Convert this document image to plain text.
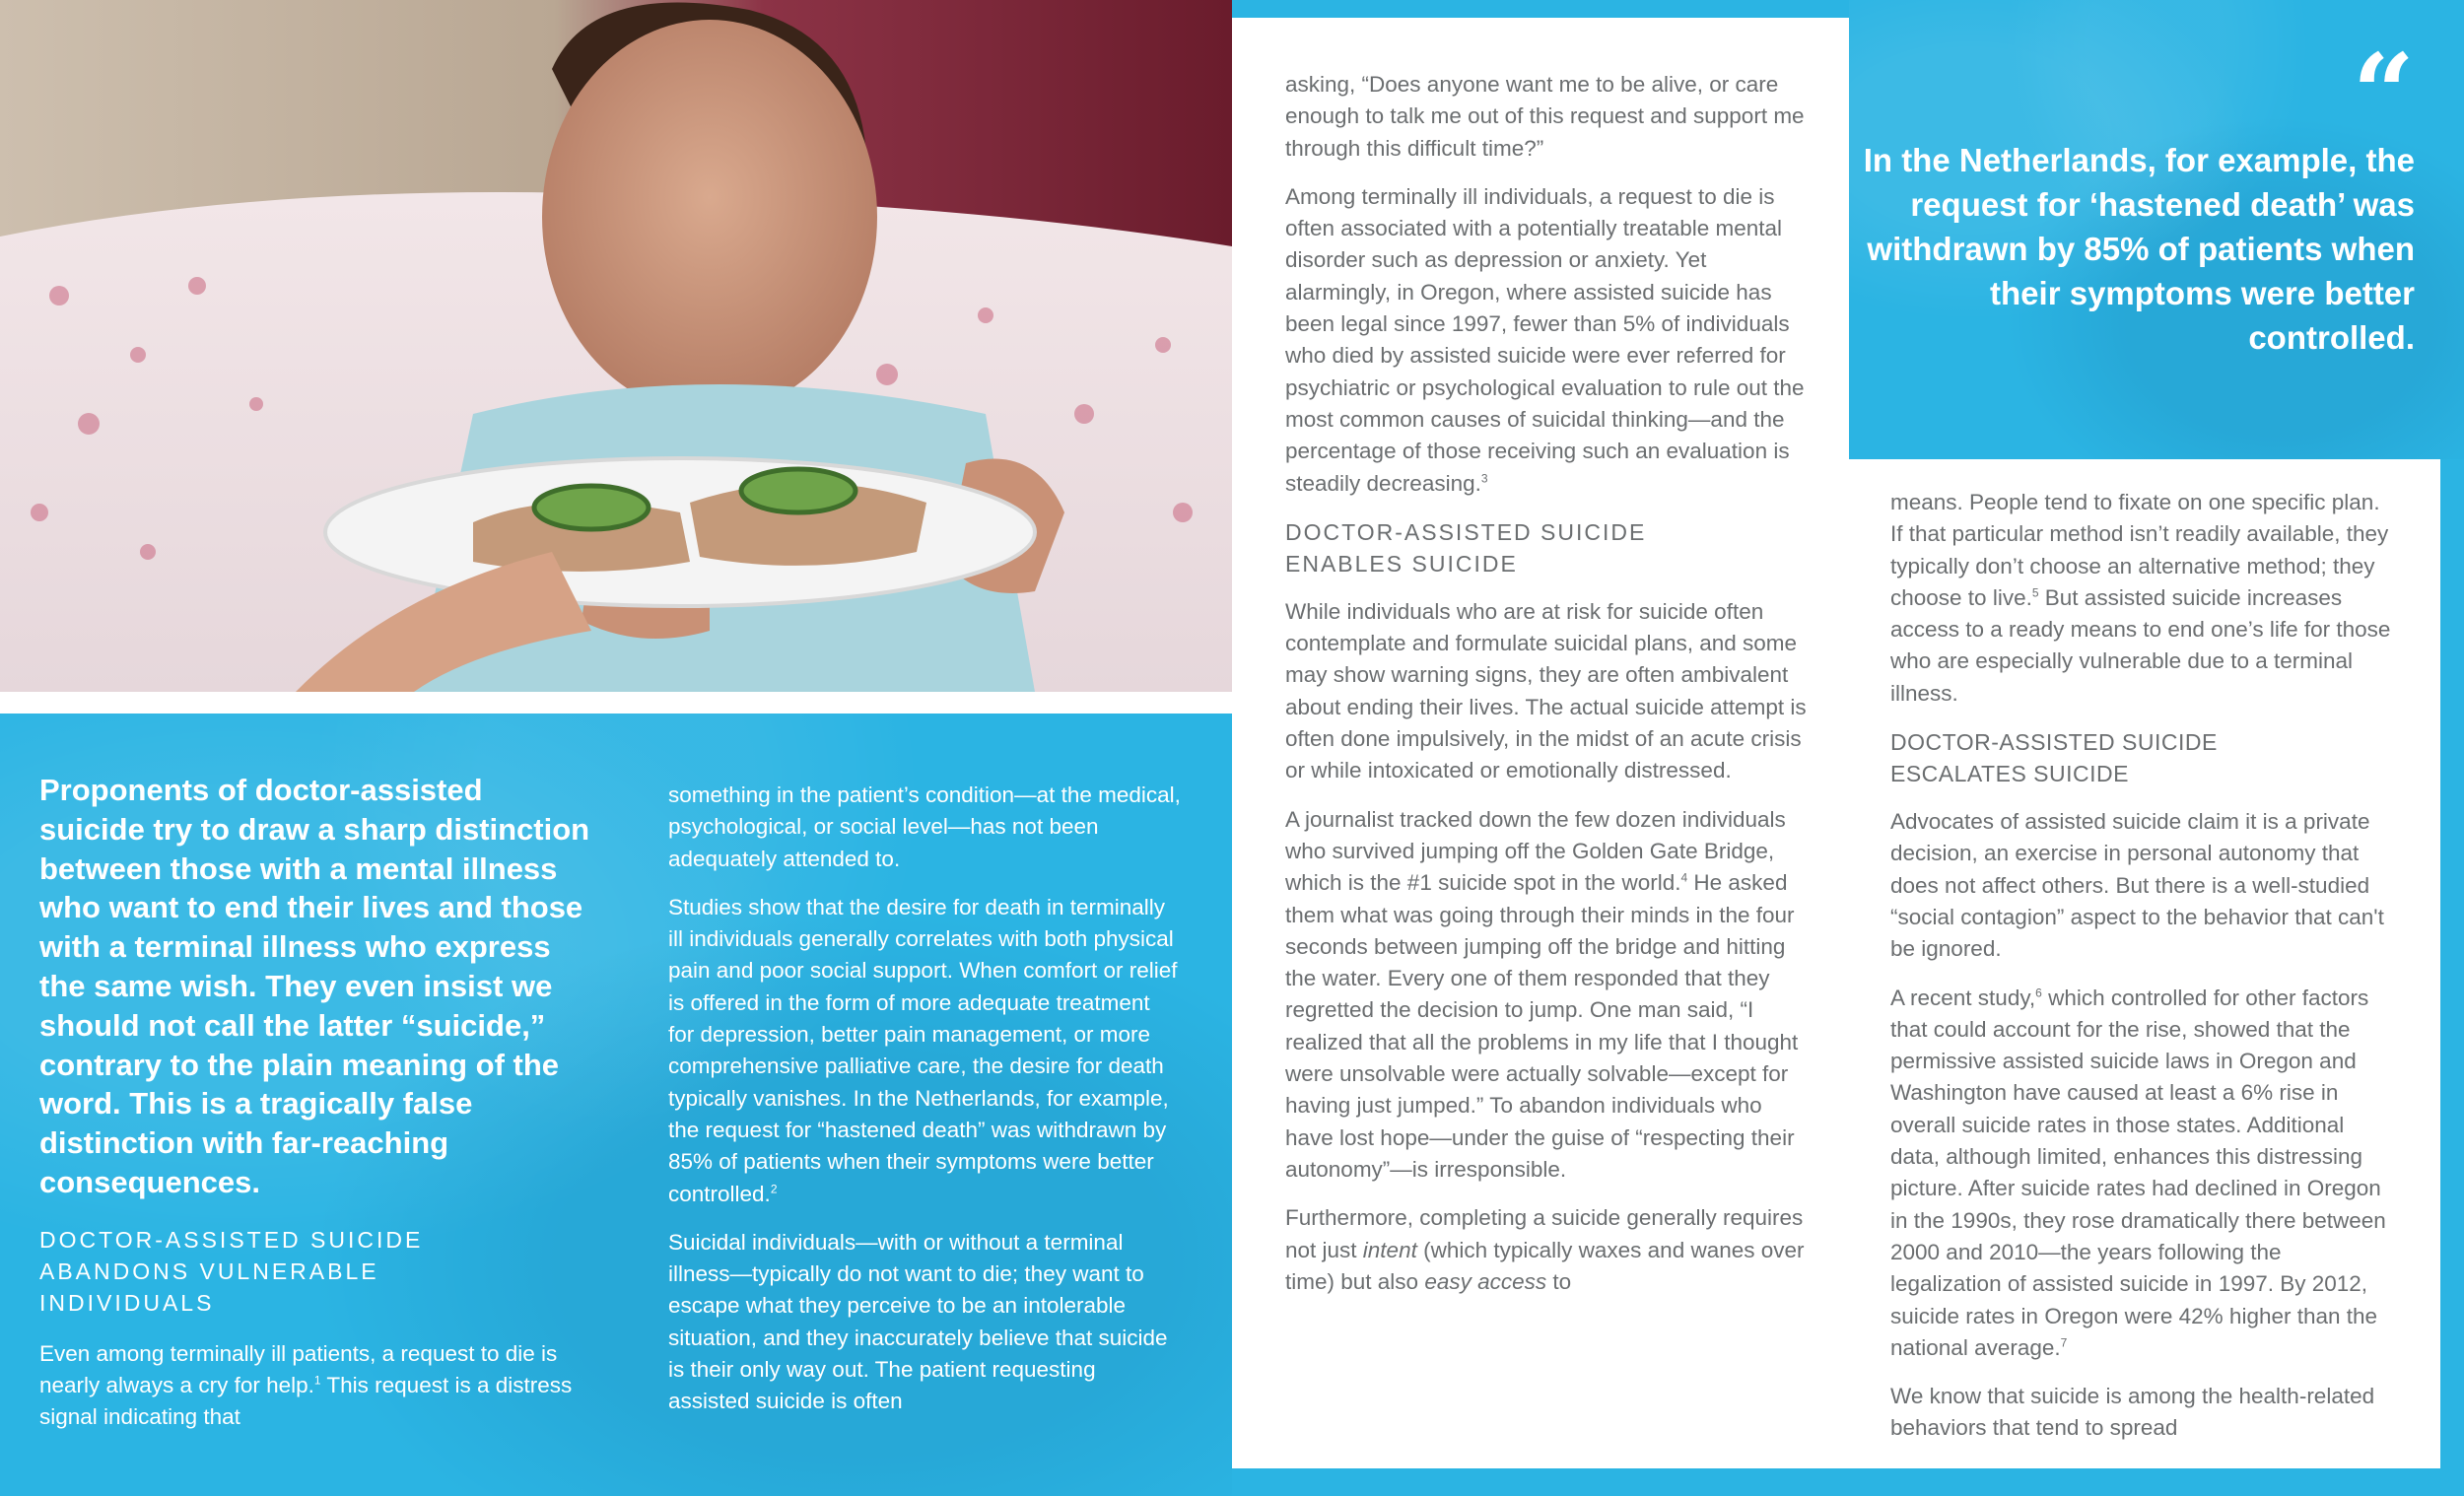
“
In the Netherlands, for example, the request for ‘hastened death’ was withdrawn by 85% of patients when their symptoms were better controlled.
Proponents of doctor-assisted suicide try to draw a sharp distinction between those with a mental illness who want to end their lives and those with a terminal illness who express the same wish. They even insist we should not call the latter “suicide,” contrary to the plain meaning of the word. This is a tragically false distinction with far-reaching consequences.
DOCTOR-ASSISTED SUICIDE
ABANDONS VULNERABLE
INDIVIDUALS

Even among terminally ill patients, a request to die is nearly always a cry for help.$^1$ This request is a distress signal indicating that

something in the patient’s condition—at the medical, psychological, or social level—has not been adequately attended to.

Studies show that the desire for death in terminally ill individuals generally correlates with both physical pain and poor social support. When comfort or relief is offered in the form of more adequate treatment for depression, better pain management, or more comprehensive palliative care, the desire for death typically vanishes. In the Netherlands, for example, the request for “hastened death” was withdrawn by 85% of patients when their symptoms were better controlled.$^2$

Suicidal individuals—with or without a terminal illness—typically do not want to die; they want to escape what they perceive to be an intolerable situation, and they inaccurately believe that suicide is their only way out. The patient requesting assisted suicide is often

asking, “Does anyone want me to be alive, or care enough to talk me out of this request and support me through this difficult time?”

Among terminally ill individuals, a request to die is often associated with a potentially treatable mental disorder such as depression or anxiety. Yet alarmingly, in Oregon, where assisted suicide has been legal since 1997, fewer than 5% of individuals who died by assisted suicide were ever referred for psychiatric or psychological evaluation to rule out the most common causes of suicidal thinking—and the percentage of those receiving such an evaluation is steadily decreasing.$^3$

DOCTOR-ASSISTED SUICIDE
ENABLES SUICIDE

While individuals who are at risk for suicide often contemplate and formulate suicidal plans, and some may show warning signs, they are often ambivalent about ending their lives. The actual suicide attempt is often done impulsively, in the midst of an acute crisis or while intoxicated or emotionally distressed.

A journalist tracked down the few dozen individuals who survived jumping off the Golden Gate Bridge, which is the #1 suicide spot in the world.$^4$ He asked them what was going through their minds in the four seconds between jumping off the bridge and hitting the water. Every one of them responded that they regretted the decision to jump. One man said, “I realized that all the problems in my life that I thought were unsolvable were actually solvable—except for having just jumped.” To abandon individuals who have lost hope—under the guise of “respecting their autonomy”—is irresponsible.

Furthermore, completing a suicide generally requires not just intent (which typically waxes and wanes over time) but also easy access to

means. People tend to fixate on one specific plan. If that particular method isn’t readily available, they typically don’t choose an alternative method; they choose to live.$^5$ But assisted suicide increases access to a ready means to end one’s life for those who are especially vulnerable due to a terminal illness.

DOCTOR-ASSISTED SUICIDE
ESCALATES SUICIDE

Advocates of assisted suicide claim it is a private decision, an exercise in personal autonomy that does not affect others. But there is a well-studied “social contagion” aspect to the behavior that can't be ignored.

A recent study,$^6$ which controlled for other factors that could account for the rise, showed that the permissive assisted suicide laws in Oregon and Washington have caused at least a 6% rise in overall suicide rates in those states. Additional data, although limited, enhances this distressing picture. After suicide rates had declined in Oregon in the 1990s, they rose dramatically there between 2000 and 2010—the years following the legalization of assisted suicide in 1997. By 2012, suicide rates in Oregon were 42% higher than the national average.$^7$

We know that suicide is among the health-related behaviors that tend to spread
